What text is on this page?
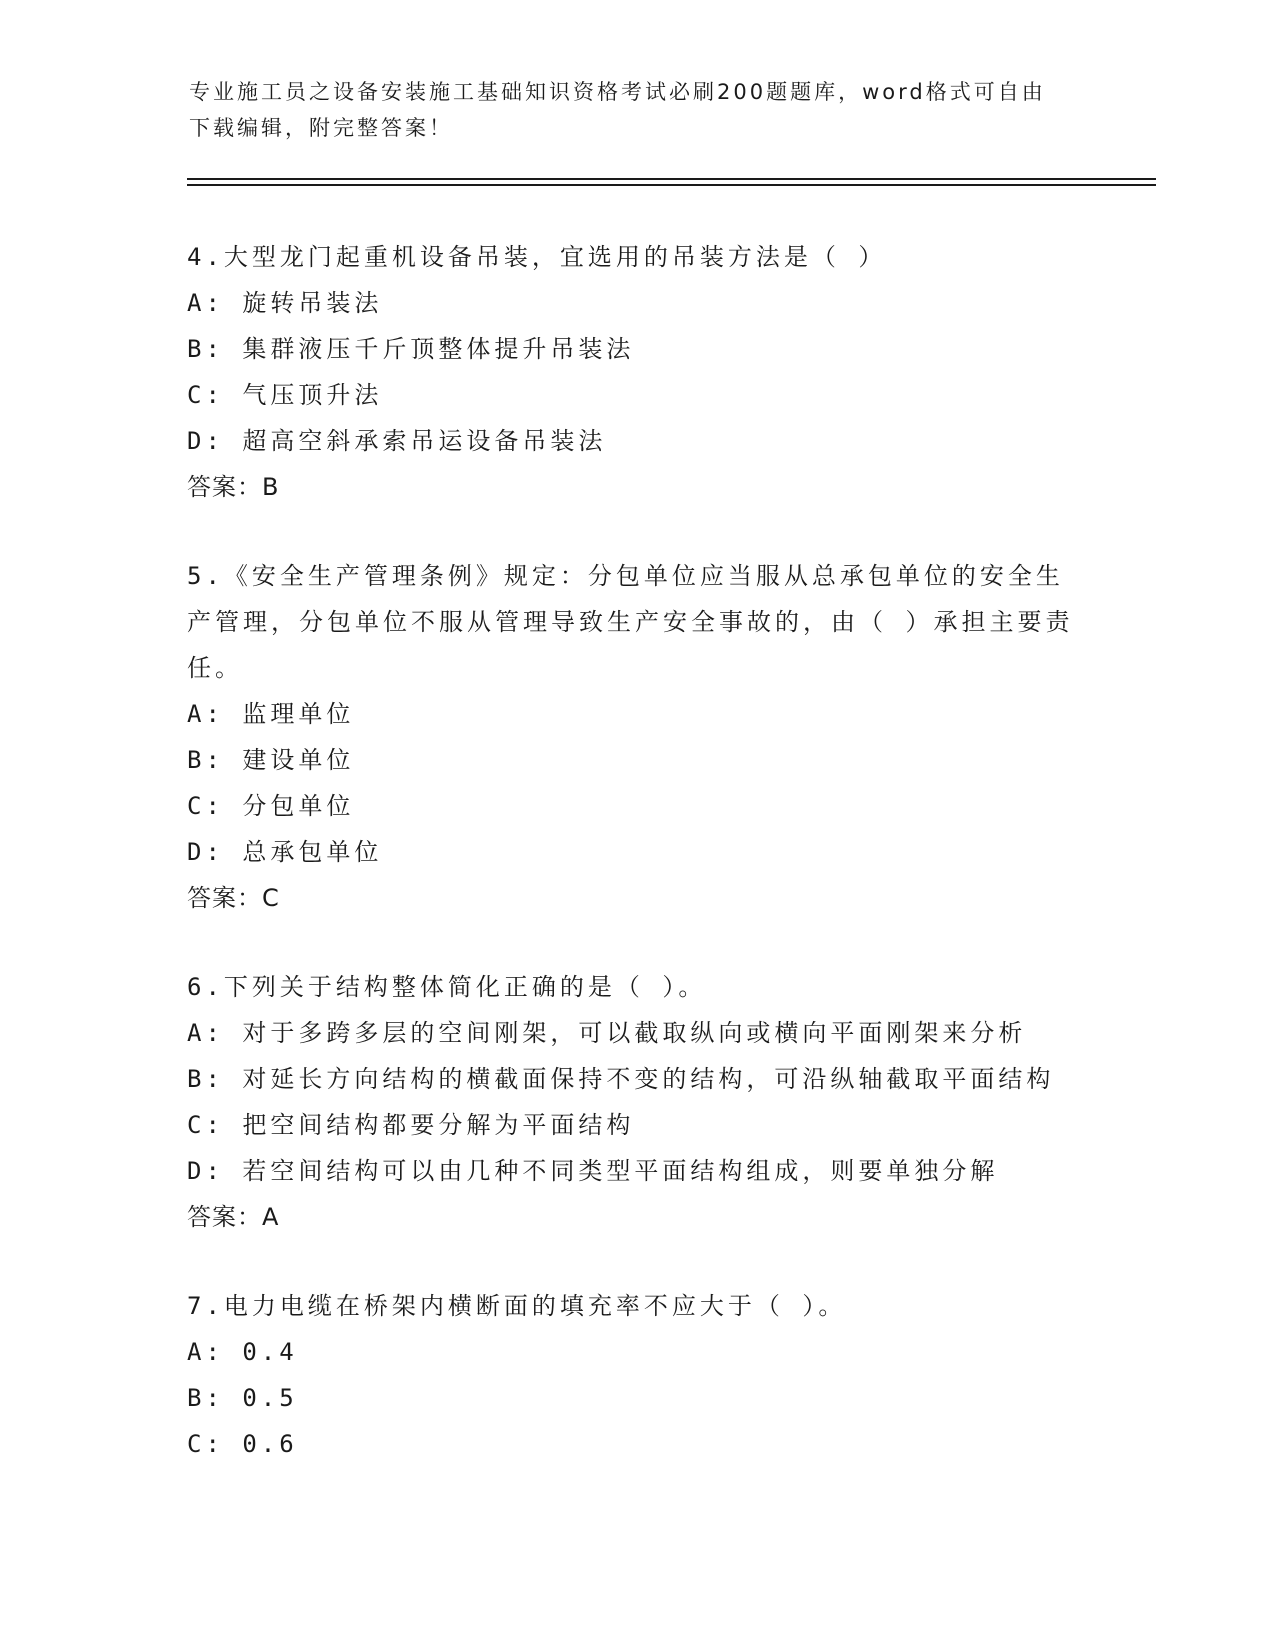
专业施工员之设备安装施工基础知识资格考试必刷200题题库，word格式可自由下载编辑，附完整答案！
4.大型龙门起重机设备吊装，宜选用的吊装方法是（ ）
A: 旋转吊装法
B: 集群液压千斤顶整体提升吊装法
C: 气压顶升法
D: 超高空斜承索吊运设备吊装法
答案：B
5.《安全生产管理条例》规定：分包单位应当服从总承包单位的安全生产管理，分包单位不服从管理导致生产安全事故的，由（ ）承担主要责任。
A: 监理单位
B: 建设单位
C: 分包单位
D: 总承包单位
答案：C
6.下列关于结构整体简化正确的是（ ）。
A: 对于多跨多层的空间刚架，可以截取纵向或横向平面刚架来分析
B: 对延长方向结构的横截面保持不变的结构，可沿纵轴截取平面结构
C: 把空间结构都要分解为平面结构
D: 若空间结构可以由几种不同类型平面结构组成，则要单独分解
答案：A
7.电力电缆在桥架内横断面的填充率不应大于（ ）。
A: 0.4
B: 0.5
C: 0.6
